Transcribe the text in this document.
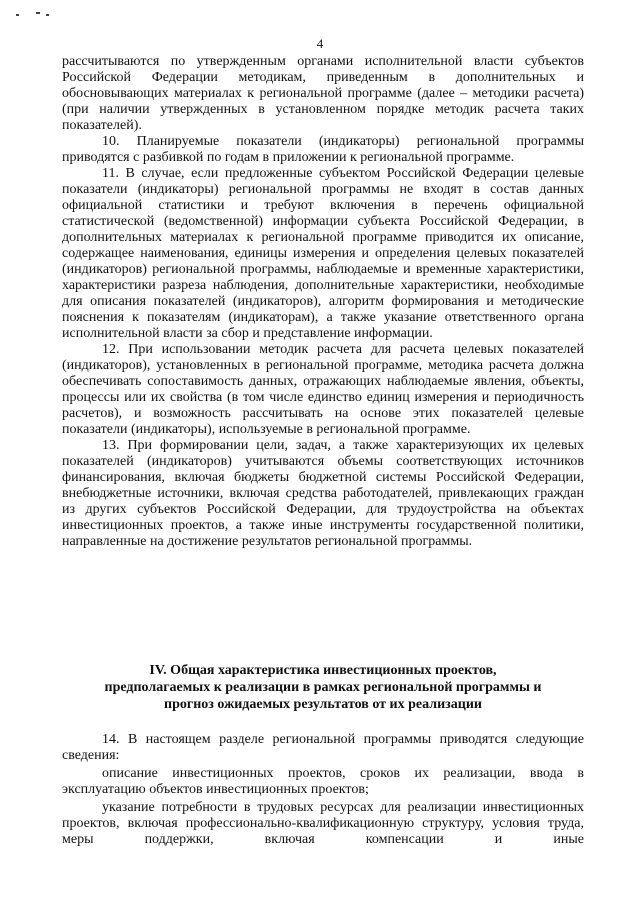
4

рассчитываются по утвержденным органами исполнительной власти субъектов Российской Федерации методикам, приведенным в дополнительных и обосновывающих материалах к региональной программе (далее – методики расчета) (при наличии утвержденных в установленном порядке методик расчета таких показателей).

10. Планируемые показатели (индикаторы) региональной программы приводятся с разбивкой по годам в приложении к региональной программе.

11. В случае, если предложенные субъектом Российской Федерации целевые показатели (индикаторы) региональной программы не входят в состав данных официальной статистики и требуют включения в перечень официальной статистической (ведомственной) информации субъекта Российской Федерации, в дополнительных материалах к региональной программе приводится их описание, содержащее наименования, единицы измерения и определения целевых показателей (индикаторов) региональной программы, наблюдаемые и временные характеристики, характеристики разреза наблюдения, дополнительные характеристики, необходимые для описания показателей (индикаторов), алгоритм формирования и методические пояснения к показателям (индикаторам), а также указание ответственного органа исполнительной власти за сбор и представление информации.

12. При использовании методик расчета для расчета целевых показателей (индикаторов), установленных в региональной программе, методика расчета должна обеспечивать сопоставимость данных, отражающих наблюдаемые явления, объекты, процессы или их свойства (в том числе единство единиц измерения и периодичность расчетов), и возможность рассчитывать на основе этих показателей целевые показатели (индикаторы), используемые в региональной программе.

13. При формировании цели, задач, а также характеризующих их целевых показателей (индикаторов) учитываются объемы соответствующих источников финансирования, включая бюджеты бюджетной системы Российской Федерации, внебюджетные источники, включая средства работодателей, привлекающих граждан из других субъектов Российской Федерации, для трудоустройства на объектах инвестиционных проектов, а также иные инструменты государственной политики, направленные на достижение результатов региональной программы.

IV. Общая характеристика инвестиционных проектов,
предполагаемых к реализации в рамках региональной программы и
прогноз ожидаемых результатов от их реализации

14. В настоящем разделе региональной программы приводятся следующие сведения:

описание инвестиционных проектов, сроков их реализации, ввода в эксплуатацию объектов инвестиционных проектов;

указание потребности в трудовых ресурсах для реализации инвестиционных проектов, включая профессионально-квалификационную структуру, условия труда, меры поддержки, включая компенсации и иные
